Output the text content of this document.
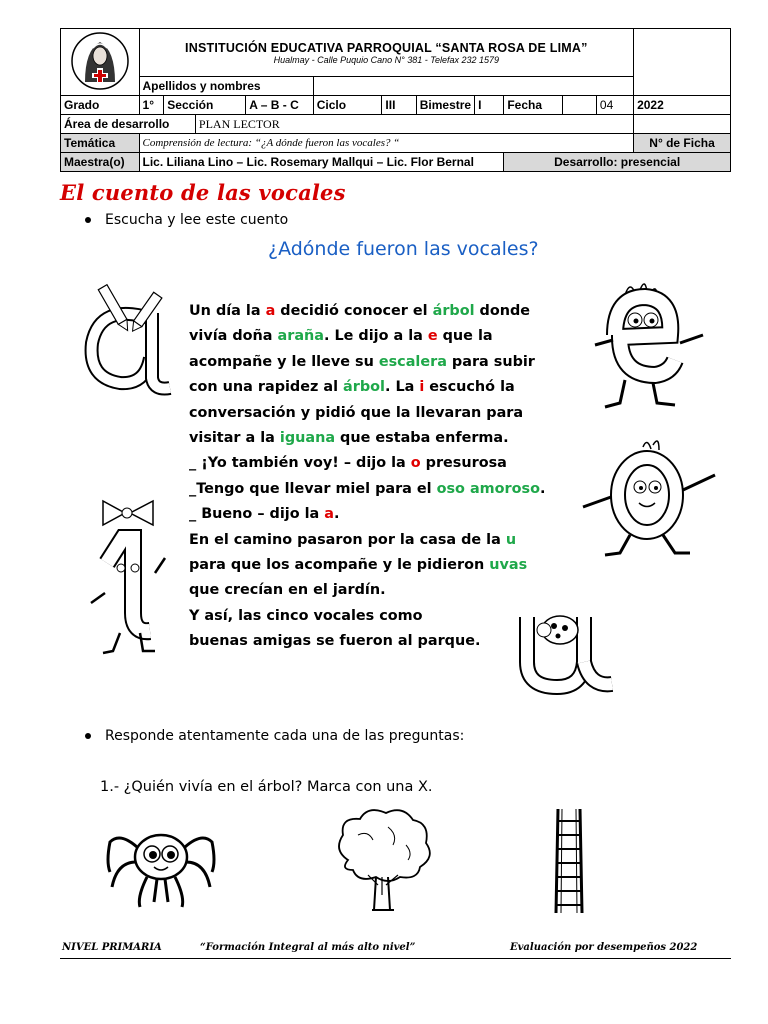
INSTITUCIÓN EDUCATIVA PARROQUIAL “SANTA ROSA DE LIMA”
Hualmay - Calle Puquio Cano N° 381 - Telefax 232 1579											

	Apellidos y nombres											
Grado	1°	Sección		A – B - C	Ciclo	III	Bimestre	I	Fecha		04	2022
Área de desarrollo			PLAN LECTOR									
Temática	Comprensión de lectura: “¿A dónde fueron las vocales? “											N° de Ficha
Maestra(o)	Lic. Liliana Lino – Lic. Rosemary Mallqui – Lic. Flor Bernal								Desarrollo: presencial			
El cuento de las vocales
Escucha y lee este cuento
¿Adónde fueron las vocales?
Un día la a decidió conocer el árbol donde
vivía doña araña. Le dijo a la e que la
acompañe y le lleve su escalera para subir
con una rapidez al árbol. La i escuchó la
conversación y pidió que la llevaran para
visitar a la iguana que estaba enferma.
_ ¡Yo también voy! – dijo la o presurosa
_Tengo que llevar miel para el oso amoroso.
_ Bueno – dijo la a.
En el camino pasaron por la casa de la u
para que los acompañe y le pidieron uvas
que crecían en el jardín.
Y así, las cinco vocales como
buenas amigas se fueron al parque.
Responde atentamente cada una de las preguntas:
1.- ¿Quién vivía en el árbol? Marca con una X.
NIVEL PRIMARIA	“Formación Integral al más alto nivel”	Evaluación por desempeños 2022
